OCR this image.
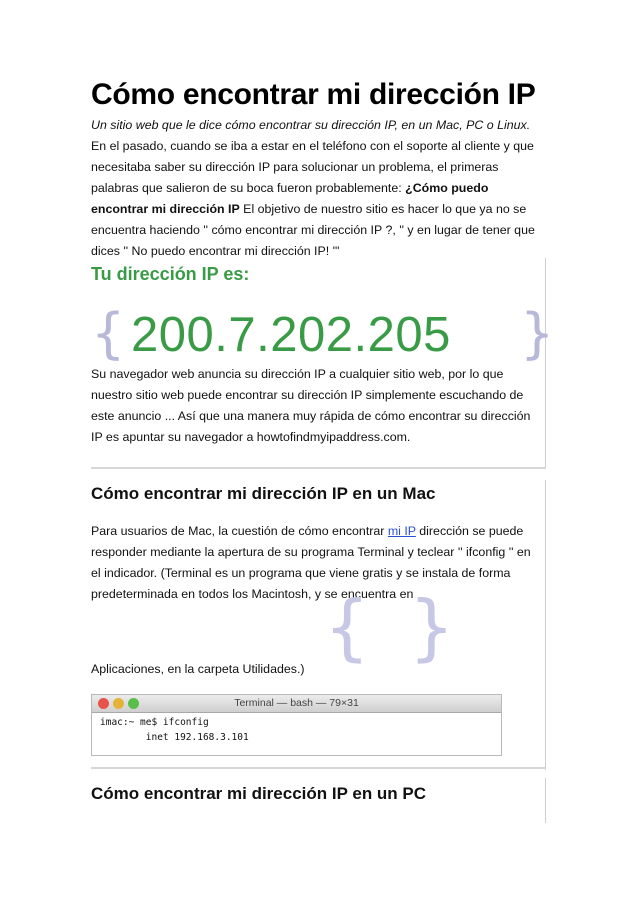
Cómo encontrar mi dirección IP
Un sitio web que le dice cómo encontrar su dirección IP, en un Mac, PC o Linux. En el pasado, cuando se iba a estar en el teléfono con el soporte al cliente y que necesitaba saber su dirección IP para solucionar un problema, el primeras palabras que salieron de su boca fueron probablemente: ¿Cómo puedo encontrar mi dirección IP El objetivo de nuestro sitio es hacer lo que ya no se encuentra haciendo '' cómo encontrar mi dirección IP ?, '' y en lugar de tener que dices '' No puedo encontrar mi dirección IP! '"
Tu dirección IP es:
{ 200.7.202.205 }
Su navegador web anuncia su dirección IP a cualquier sitio web, por lo que nuestro sitio web puede encontrar su dirección IP simplemente escuchando de este anuncio ... Así que una manera muy rápida de cómo encontrar su dirección IP es apuntar su navegador a howtofindmyipaddress.com.
Cómo encontrar mi dirección IP en un Mac
Para usuarios de Mac, la cuestión de cómo encontrar mi IP dirección se puede responder mediante la apertura de su programa Terminal y teclear '' ifconfig '' en el indicador. (Terminal es un programa que viene gratis y se instala de forma predeterminada en todos los Macintosh, y se encuentra en
Aplicaciones, en la carpeta Utilidades.) { }
Terminal — bash — 79×31
imac:~ me$ ifconfig
inet 192.168.3.101
Cómo encontrar mi dirección IP en un PC
